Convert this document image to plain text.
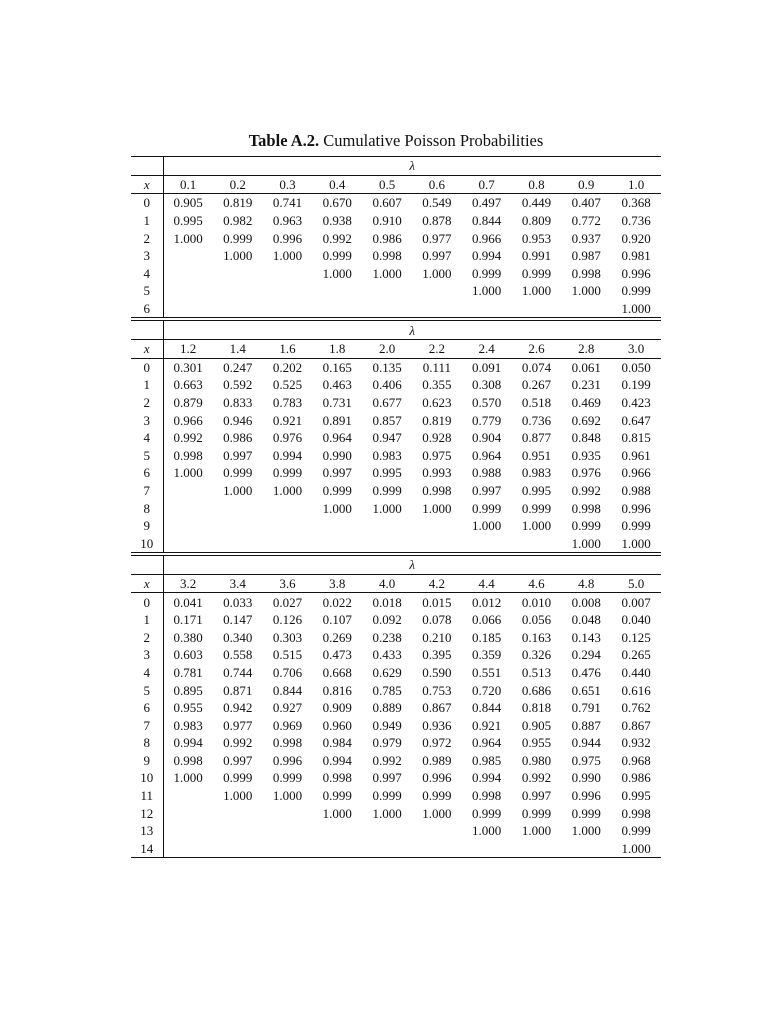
Table A.2. Cumulative Poisson Probabilities
	λ									
x	0.1	0.2	0.3	0.4	0.5	0.6	0.7	0.8	0.9	1.0
0	0.905	0.819	0.741	0.670	0.607	0.549	0.497	0.449	0.407	0.368
1	0.995	0.982	0.963	0.938	0.910	0.878	0.844	0.809	0.772	0.736
2	1.000	0.999	0.996	0.992	0.986	0.977	0.966	0.953	0.937	0.920
3		1.000	1.000	0.999	0.998	0.997	0.994	0.991	0.987	0.981
4				1.000	1.000	1.000	0.999	0.999	0.998	0.996
5							1.000	1.000	1.000	0.999
6										1.000
	λ									
x	1.2	1.4	1.6	1.8	2.0	2.2	2.4	2.6	2.8	3.0
0	0.301	0.247	0.202	0.165	0.135	0.111	0.091	0.074	0.061	0.050
1	0.663	0.592	0.525	0.463	0.406	0.355	0.308	0.267	0.231	0.199
2	0.879	0.833	0.783	0.731	0.677	0.623	0.570	0.518	0.469	0.423
3	0.966	0.946	0.921	0.891	0.857	0.819	0.779	0.736	0.692	0.647
4	0.992	0.986	0.976	0.964	0.947	0.928	0.904	0.877	0.848	0.815
5	0.998	0.997	0.994	0.990	0.983	0.975	0.964	0.951	0.935	0.961
6	1.000	0.999	0.999	0.997	0.995	0.993	0.988	0.983	0.976	0.966
7		1.000	1.000	0.999	0.999	0.998	0.997	0.995	0.992	0.988
8				1.000	1.000	1.000	0.999	0.999	0.998	0.996
9							1.000	1.000	0.999	0.999
10									1.000	1.000
	λ									
x	3.2	3.4	3.6	3.8	4.0	4.2	4.4	4.6	4.8	5.0
0	0.041	0.033	0.027	0.022	0.018	0.015	0.012	0.010	0.008	0.007
1	0.171	0.147	0.126	0.107	0.092	0.078	0.066	0.056	0.048	0.040
2	0.380	0.340	0.303	0.269	0.238	0.210	0.185	0.163	0.143	0.125
3	0.603	0.558	0.515	0.473	0.433	0.395	0.359	0.326	0.294	0.265
4	0.781	0.744	0.706	0.668	0.629	0.590	0.551	0.513	0.476	0.440
5	0.895	0.871	0.844	0.816	0.785	0.753	0.720	0.686	0.651	0.616
6	0.955	0.942	0.927	0.909	0.889	0.867	0.844	0.818	0.791	0.762
7	0.983	0.977	0.969	0.960	0.949	0.936	0.921	0.905	0.887	0.867
8	0.994	0.992	0.998	0.984	0.979	0.972	0.964	0.955	0.944	0.932
9	0.998	0.997	0.996	0.994	0.992	0.989	0.985	0.980	0.975	0.968
10	1.000	0.999	0.999	0.998	0.997	0.996	0.994	0.992	0.990	0.986
11		1.000	1.000	0.999	0.999	0.999	0.998	0.997	0.996	0.995
12				1.000	1.000	1.000	0.999	0.999	0.999	0.998
13							1.000	1.000	1.000	0.999
14										1.000
